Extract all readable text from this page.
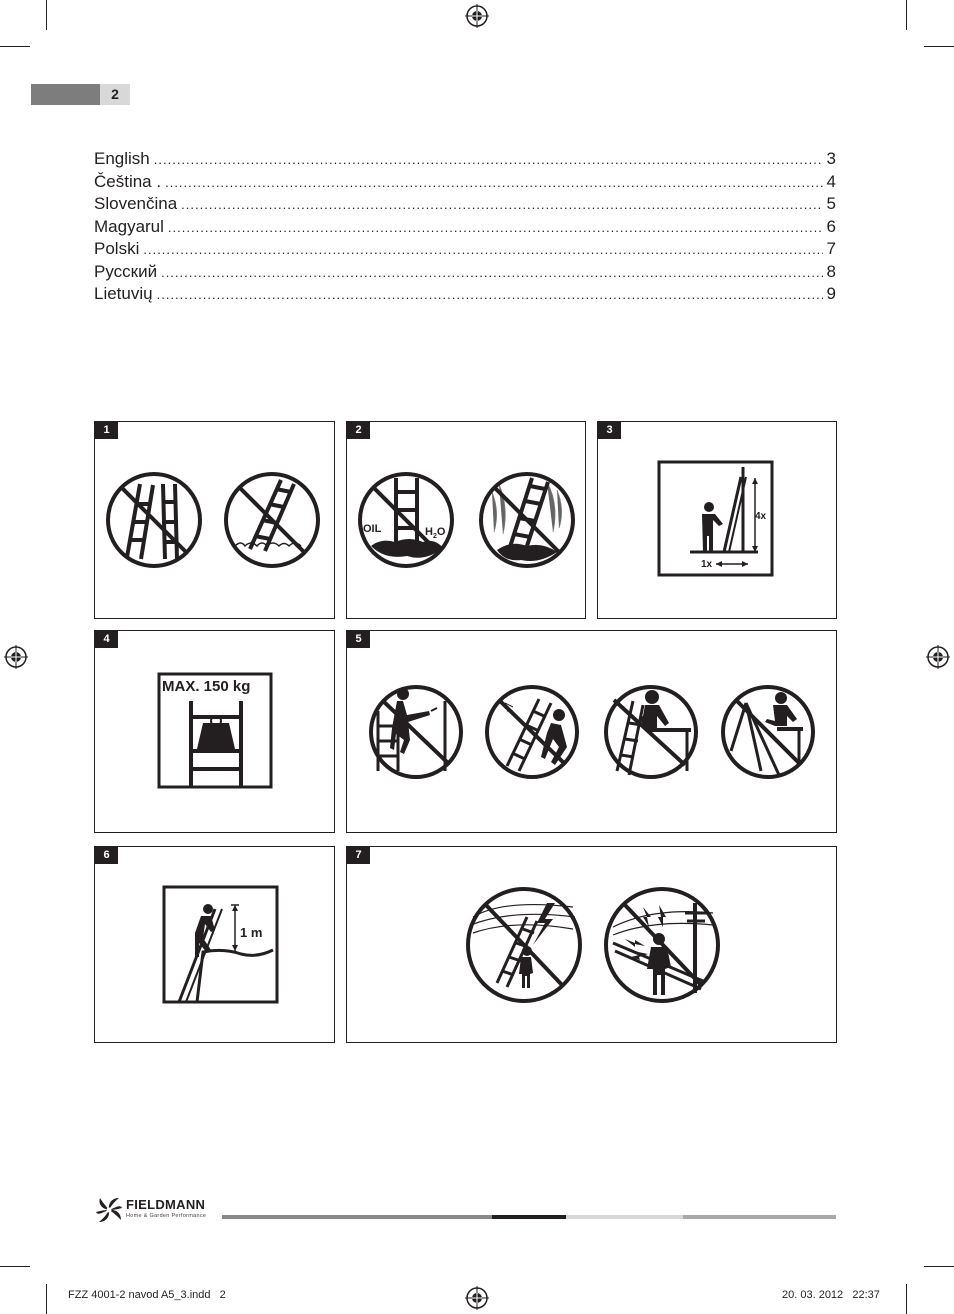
2
English .....	3
Čeština . .....	4
Slovenčina .....	5
Magyarul .....	6
Polski .....	7
Русский .....	8
Lietuvių .....	9
1	2
OIL	$H_2O$
3
4x
1x
4
MAX. 150 kg
5
6
1 m
7
FIELDMANN
Home & Garden Performance
FZZ 4001-2 navod A5_3.indd   2	20. 03. 2012   22:37
